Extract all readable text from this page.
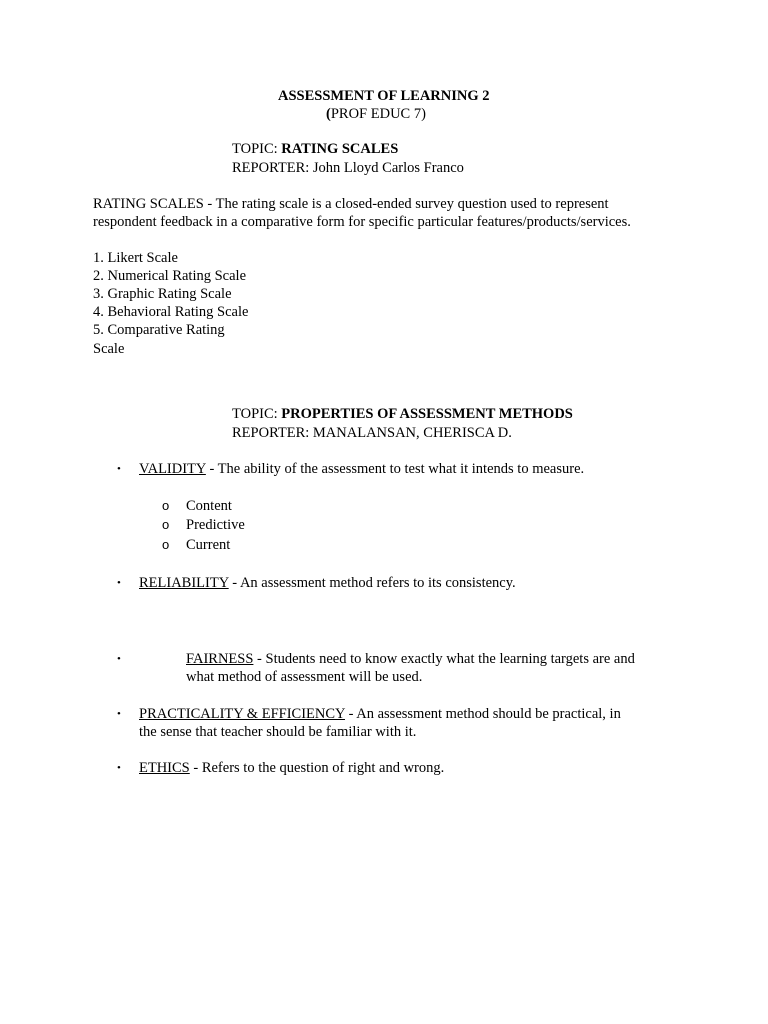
ASSESSMENT OF LEARNING 2
(PROF EDUC 7)
TOPIC: RATING SCALES
REPORTER: John Lloyd Carlos Franco
RATING SCALES - The rating scale is a closed-ended survey question used to represent
respondent feedback in a comparative form for specific particular features/products/services.
1. Likert Scale
2. Numerical Rating Scale
3. Graphic Rating Scale
4. Behavioral Rating Scale
5. Comparative Rating
Scale
TOPIC: PROPERTIES OF ASSESSMENT METHODS
REPORTER: MANALANSAN, CHERISCA D.
• VALIDITY - The ability of the assessment to test what it intends to measure.
o Content
o Predictive
o Current
• RELIABILITY - An assessment method refers to its consistency.
•	FAIRNESS - Students need to know exactly what the learning targets are and
what method of assessment will be used.
• PRACTICALITY & EFFICIENCY - An assessment method should be practical, in
the sense that teacher should be familiar with it.
• ETHICS - Refers to the question of right and wrong.
